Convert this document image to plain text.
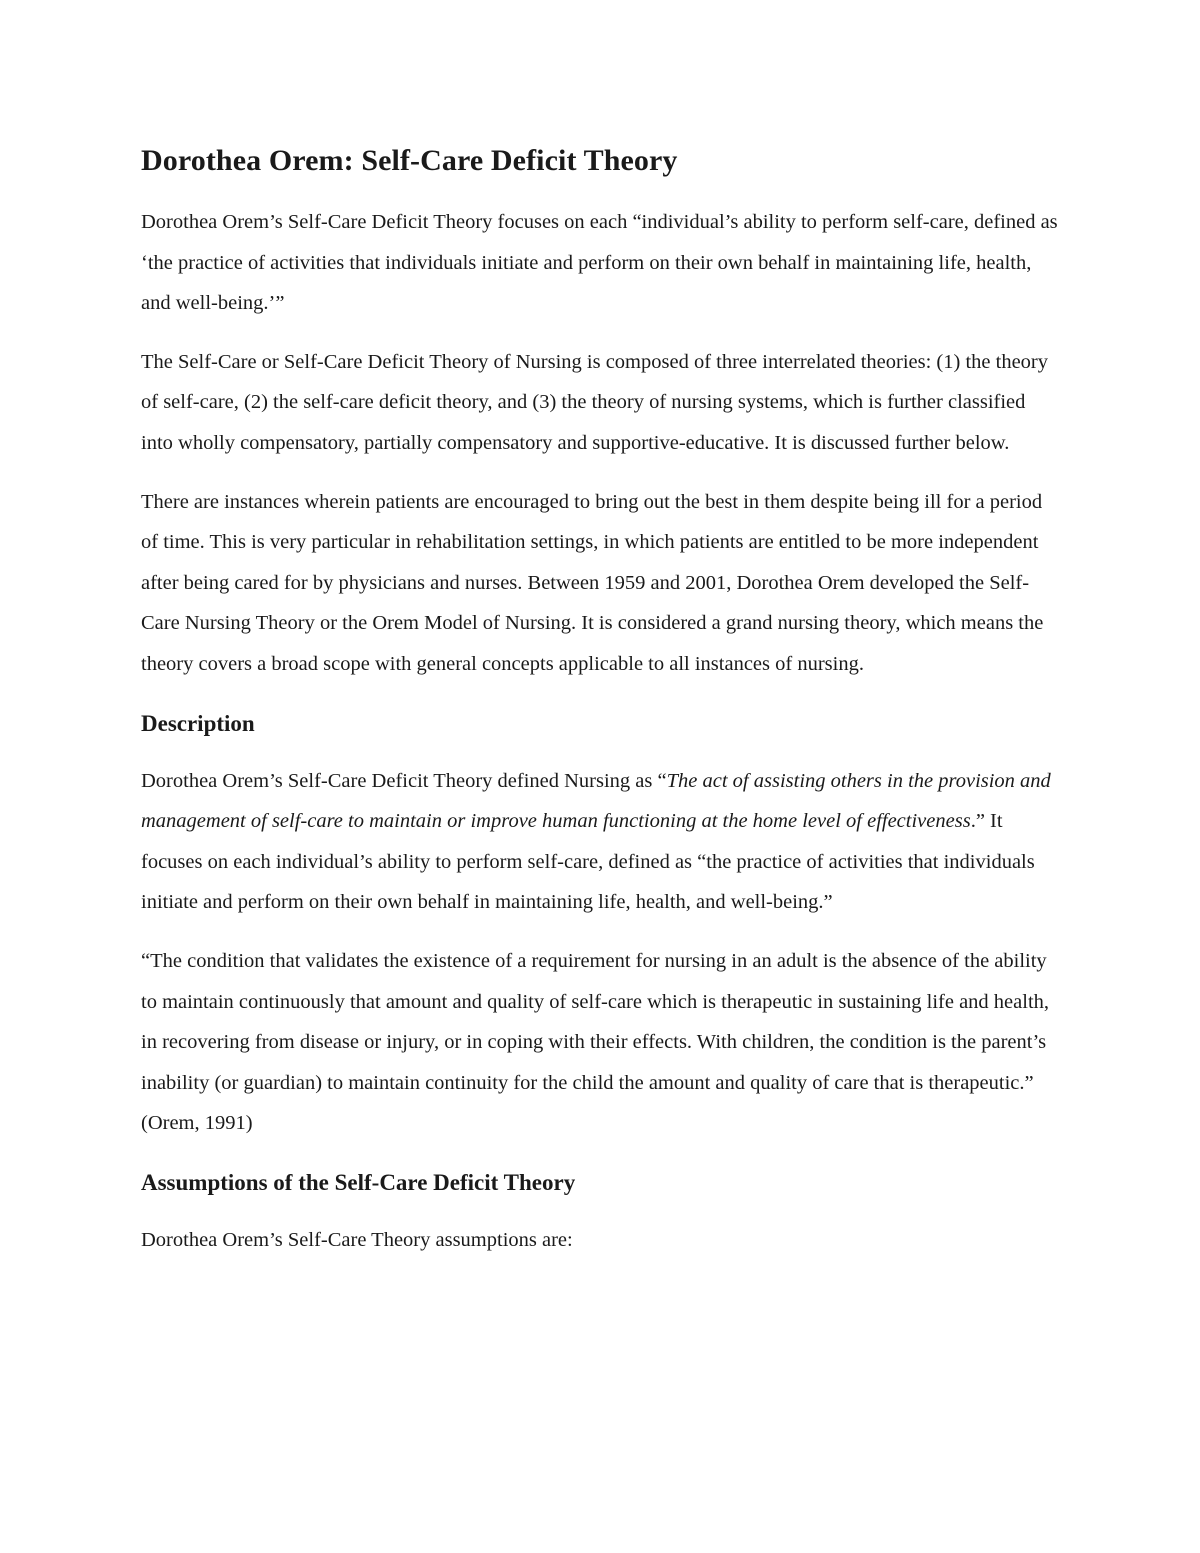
Dorothea Orem: Self-Care Deficit Theory

Dorothea Orem’s Self-Care Deficit Theory focuses on each “individual’s ability to perform self-care, defined as ‘the practice of activities that individuals initiate and perform on their own behalf in maintaining life, health, and well-being.’”

The Self-Care or Self-Care Deficit Theory of Nursing is composed of three interrelated theories: (1) the theory of self-care, (2) the self-care deficit theory, and (3) the theory of nursing systems, which is further classified into wholly compensatory, partially compensatory and supportive-educative. It is discussed further below.

There are instances wherein patients are encouraged to bring out the best in them despite being ill for a period of time. This is very particular in rehabilitation settings, in which patients are entitled to be more independent after being cared for by physicians and nurses. Between 1959 and 2001, Dorothea Orem developed the Self-Care Nursing Theory or the Orem Model of Nursing. It is considered a grand nursing theory, which means the theory covers a broad scope with general concepts applicable to all instances of nursing.

Description

Dorothea Orem’s Self-Care Deficit Theory defined Nursing as “The act of assisting others in the provision and management of self-care to maintain or improve human functioning at the home level of effectiveness.” It focuses on each individual’s ability to perform self-care, defined as “the practice of activities that individuals initiate and perform on their own behalf in maintaining life, health, and well-being.”

“The condition that validates the existence of a requirement for nursing in an adult is the absence of the ability to maintain continuously that amount and quality of self-care which is therapeutic in sustaining life and health, in recovering from disease or injury, or in coping with their effects. With children, the condition is the parent’s inability (or guardian) to maintain continuity for the child the amount and quality of care that is therapeutic.” (Orem, 1991)

Assumptions of the Self-Care Deficit Theory

Dorothea Orem’s Self-Care Theory assumptions are:
